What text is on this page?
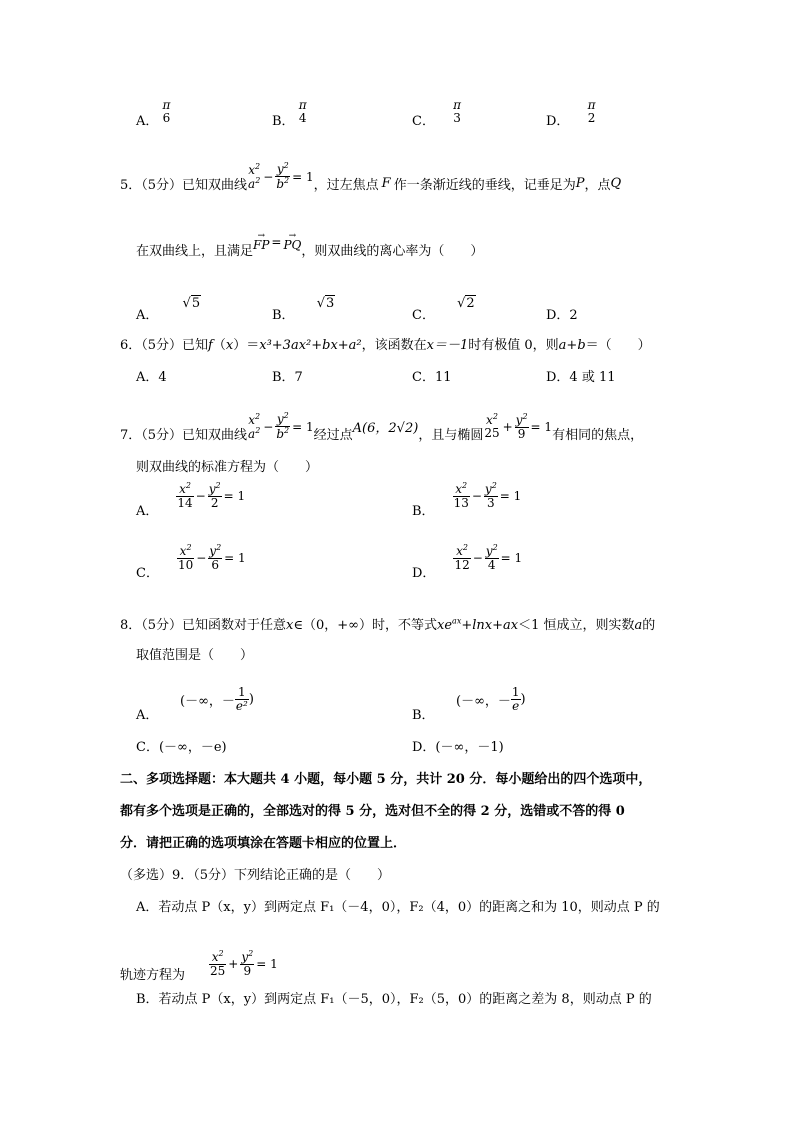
A．
π
6	B．
π
4	C．
π
3	D．
π
2
5．（5分）已知双曲线
$x^2$
$a^2 - \frac{y^2}{b^2} = 1$
，过左焦点 F 作一条渐近线的垂线，记垂足为 P ，点 Q
在双曲线上，且满足
→
FP = →
PQ ，则双曲线的离心率为（　　）
A． √5
B． √3
C． √2
D．2
6．（5分）已知f（x）＝x³+3ax²+bx+a²，该函数在x＝－1时有极值 0，则a+b＝（　　）
A．4	B．7	C．11	D．4 或 11
7．（5分）已知双曲线
$x^2$
$a^2 - \frac{y^2}{b^2} = 1$
经过点 A(6，2√2) ，且与椭圆
$x^2$
$25 + \frac{y^2}{9} = 1$
有相同的焦点，
则双曲线的标准方程为（　　）
A．
$\frac{x^2}{14} - \frac{y^2}{2} = 1$
B．
$\frac{x^2}{13} - \frac{y^2}{3} = 1$
C．
$\frac{x^2}{10} - \frac{y^2}{6} = 1$
D．
$\frac{x^2}{12} - \frac{y^2}{4} = 1$
8．（5分）已知函数对于任意x∈（0，+∞）时，不等式$xe^{ax}+\ln x+ax<1$ 恒成立，则实数a的
取值范围是（　　）
A．
(－∞，－ $\frac{1}{\text{e²}}$ )
B．
(－∞，－ $\frac{1}{e}$ )
C．(－∞，－e)	D．(－∞，－1)
二、多项选择题：本大题共 4 小题，每小题 5 分，共计 20 分．每小题给出的四个选项中，
都有多个选项是正确的，全部选对的得 5 分，选对但不全的得 2 分，选错或不答的得 0
分．请把正确的选项填涂在答题卡相应的位置上．
（多选）9．（5分）下列结论正确的是（　　）
A．若动点 P（x，y）到两定点 F₁（－4，0），F₂（4，0）的距离之和为 10，则动点 P 的
轨迹方程为 $\frac{x^2}{25} + \frac{y^2}{9} = 1$
B．若动点 P（x，y）到两定点 F₁（－5，0），F₂（5，0）的距离之差为 8，则动点 P 的
